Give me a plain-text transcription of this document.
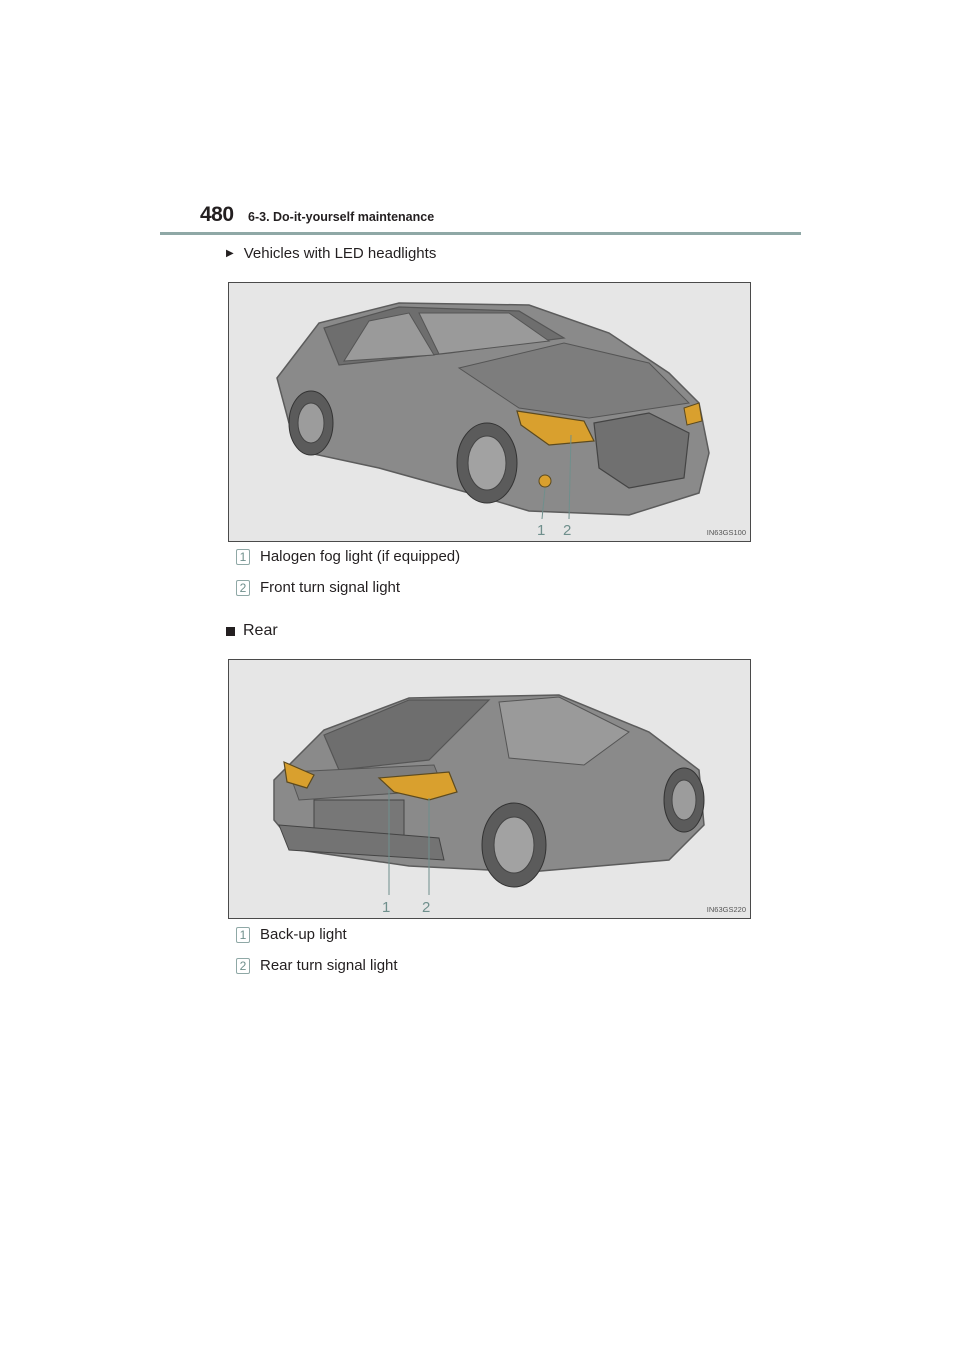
480 6-3. Do-it-yourself maintenance
▶ Vehicles with LED headlights
1 2	IN63GS100
1 Halogen fog light (if equipped)
2 Front turn signal light
Rear
1 2	IN63GS220
1 Back-up light
2 Rear turn signal light
